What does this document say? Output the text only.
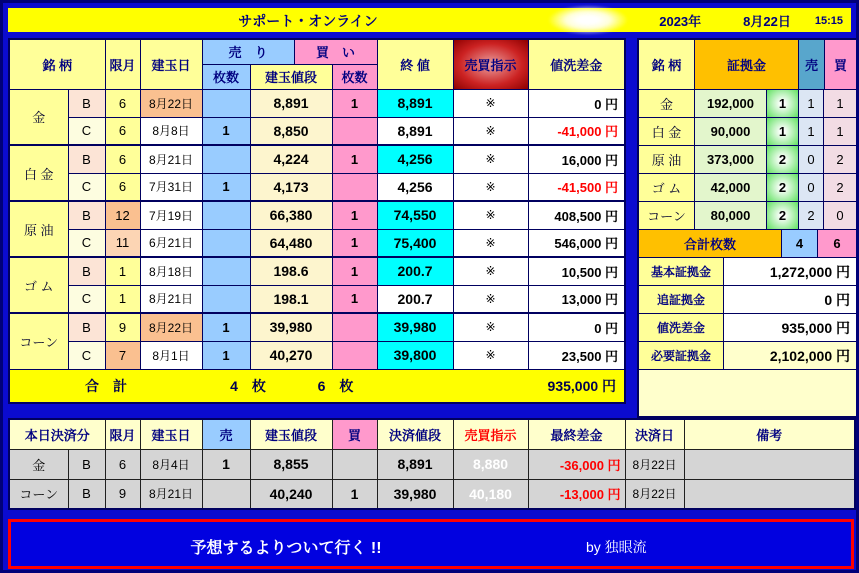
サポート・オンライン	2023年	8月22日 15:15
銘 柄		限月	建玉日	売　り		買　い		終 値	売買指示	値洗差金
				枚数	建玉値段		枚数			
金	B	6	8月22日		8,891		1	8,891	※	0 円
	C	6	8月8日	1	8,850			8,891	※	-41,000 円
白 金	B	6	8月21日		4,224		1	4,256	※	16,000 円
	C	6	7月31日	1	4,173			4,256	※	-41,500 円
原 油	B	12	7月19日		66,380		1	74,550	※	408,500 円
	C	11	6月21日		64,480		1	75,400	※	546,000 円
ゴ ム	B	1	8月18日		198.6		1	200.7	※	10,500 円
	C	1	8月21日		198.1		1	200.7	※	13,000 円
コーン	B	9	8月22日	1	39,980			39,980	※	0 円
	C	7	8月1日	1	40,270			39,800	※	23,500 円
合　計				4　枚		6　枚				935,000 円
銘 柄	証拠金	売	買
金	192,000	1	1	1
白 金	90,000	1	1	1
原 油	373,000	2	0	2
ゴ ム	42,000	2	0	2
コーン	80,000	2	2	0
合計枚数	4	6
基本証拠金	1,272,000 円
追証拠金	0 円
値洗差金	935,000 円
必要証拠金	2,102,000 円
本日決済分		限月	建玉日	売	建玉値段	買	決済値段	売買指示	最終差金	決済日	備考
金	B	6	8月4日	1	8,855		8,891	8,880	-36,000 円	8月22日	
コーン	B	9	8月21日		40,240	1	39,980	40,180	-13,000 円	8月22日	
予想するよりついて行く !!	by 独眼流
